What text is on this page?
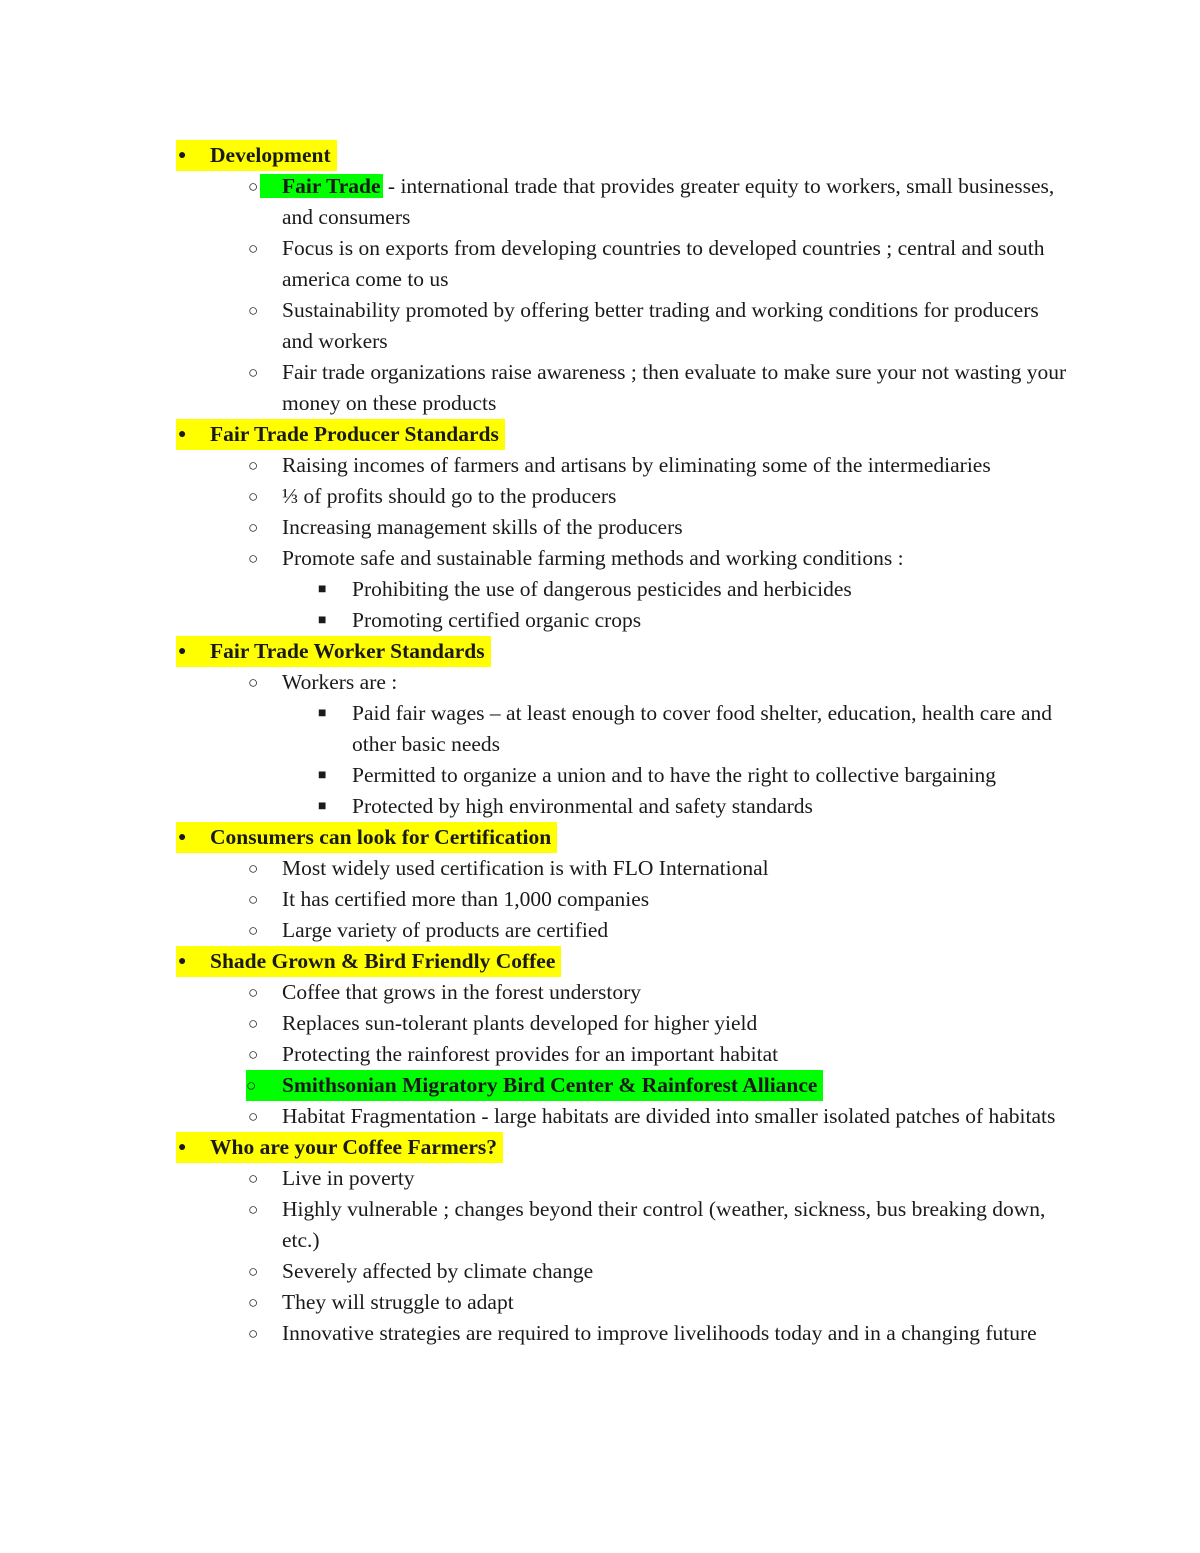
● Development
○ Fair Trade - international trade that provides greater equity to workers, small businesses, and consumers
○ Focus is on exports from developing countries to developed countries ; central and south america come to us
○ Sustainability promoted by offering better trading and working conditions for producers and workers
○ Fair trade organizations raise awareness ; then evaluate to make sure your not wasting your money on these products
● Fair Trade Producer Standards
○ Raising incomes of farmers and artisans by eliminating some of the intermediaries
○ ⅓ of profits should go to the producers
○ Increasing management skills of the producers
○ Promote safe and sustainable farming methods and working conditions :
■ Prohibiting the use of dangerous pesticides and herbicides
■ Promoting certified organic crops
● Fair Trade Worker Standards
○ Workers are :
■ Paid fair wages – at least enough to cover food shelter, education, health care and other basic needs
■ Permitted to organize a union and to have the right to collective bargaining
■ Protected by high environmental and safety standards
● Consumers can look for Certification
○ Most widely used certification is with FLO International
○ It has certified more than 1,000 companies
○ Large variety of products are certified
● Shade Grown & Bird Friendly Coffee
○ Coffee that grows in the forest understory
○ Replaces sun-tolerant plants developed for higher yield
○ Protecting the rainforest provides for an important habitat
○ Smithsonian Migratory Bird Center & Rainforest Alliance
○ Habitat Fragmentation - large habitats are divided into smaller isolated patches of habitats
● Who are your Coffee Farmers?
○ Live in poverty
○ Highly vulnerable ; changes beyond their control (weather, sickness, bus breaking down, etc.)
○ Severely affected by climate change
○ They will struggle to adapt
○ Innovative strategies are required to improve livelihoods today and in a changing future
